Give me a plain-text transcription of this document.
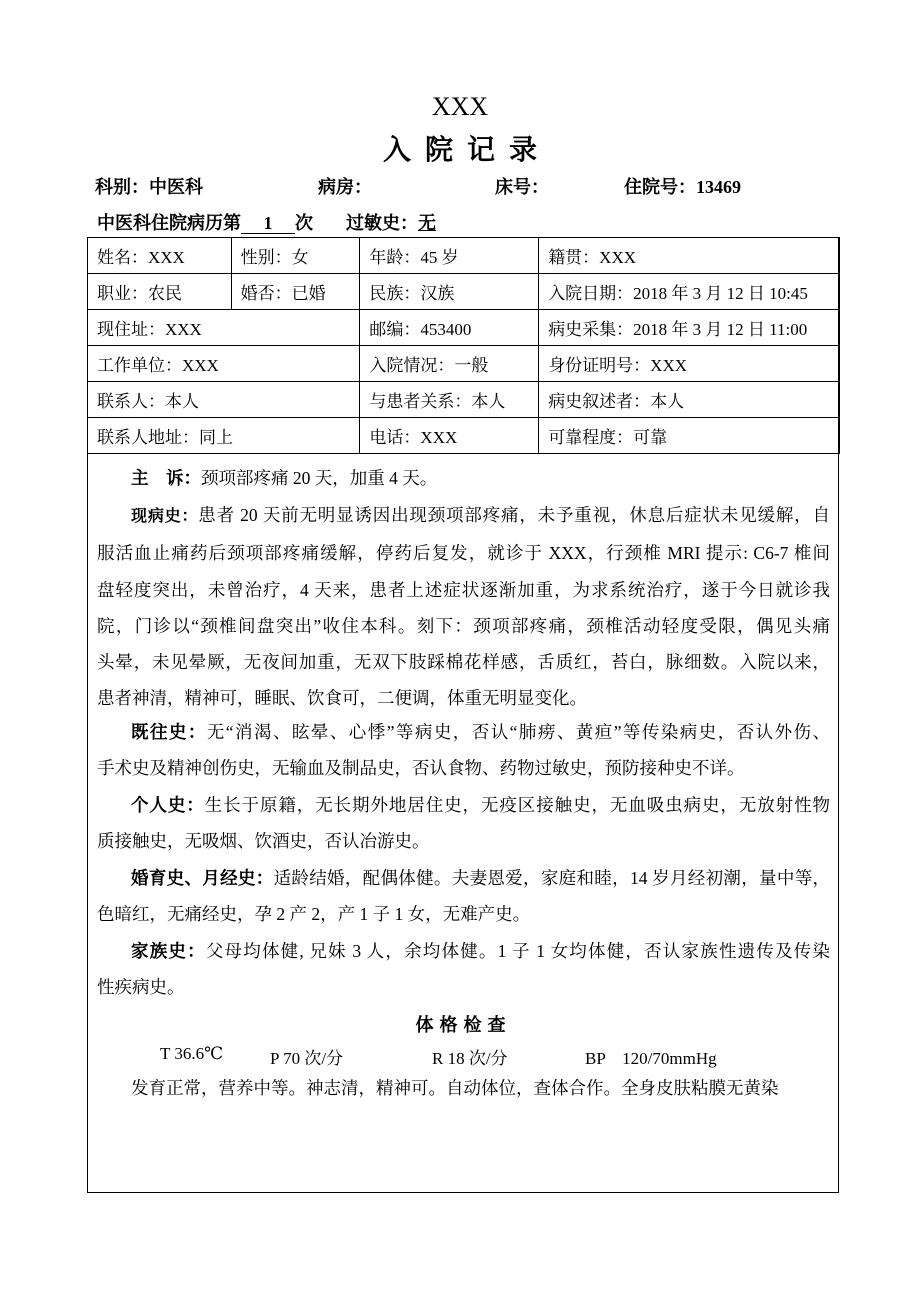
XXX
入院记录
科别：中医科	病房：	床号：	住院号：13469
中医科住院病历第 1 次 过敏史：无
姓名：XXX	性别：女	年龄：45 岁	籍贯：XXX
职业：农民	婚否：已婚	民族：汉族	入院日期：2018 年 3 月 12 日 10:45
现住址：XXX		邮编：453400	病史采集：2018 年 3 月 12 日 11:00
工作单位：XXX		入院情况：一般	身份证明号：XXX
联系人：本人		与患者关系：本人	病史叙述者：本人
联系人地址：同上		电话：XXX	可靠程度：可靠
主　诉：颈项部疼痛 20 天，加重 4 天。
现病史：患者 20 天前无明显诱因出现颈项部疼痛，未予重视，休息后症状未见缓解，自
服活血止痛药后颈项部疼痛缓解，停药后复发，就诊于 XXX，行颈椎 MRI 提示: C6-7 椎间
盘轻度突出，未曾治疗，4 天来，患者上述症状逐渐加重，为求系统治疗，遂于今日就诊我
院，门诊以“颈椎间盘突出”收住本科。刻下：颈项部疼痛，颈椎活动轻度受限，偶见头痛
头晕，未见晕厥，无夜间加重，无双下肢踩棉花样感，舌质红，苔白，脉细数。入院以来，
患者神清，精神可，睡眠、饮食可，二便调，体重无明显变化。
既往史：无“消渴、眩晕、心悸”等病史，否认“肺痨、黄疸”等传染病史，否认外伤、
手术史及精神创伤史，无输血及制品史，否认食物、药物过敏史，预防接种史不详。
个人史：生长于原籍，无长期外地居住史，无疫区接触史，无血吸虫病史，无放射性物
质接触史，无吸烟、饮酒史，否认冶游史。
婚育史、月经史：适龄结婚，配偶体健。夫妻恩爱，家庭和睦，14 岁月经初潮，量中等，
色暗红，无痛经史，孕 2 产 2，产 1 子 1 女，无难产史。
家族史：父母均体健, 兄妹 3 人，余均体健。1 子 1 女均体健，否认家族性遗传及传染
性疾病史。
体格检查
T 36.6℃	P 70 次/分	R 18 次/分	BP　120/70mmHg
发育正常，营养中等。神志清，精神可。自动体位，查体合作。全身皮肤粘膜无黄染
